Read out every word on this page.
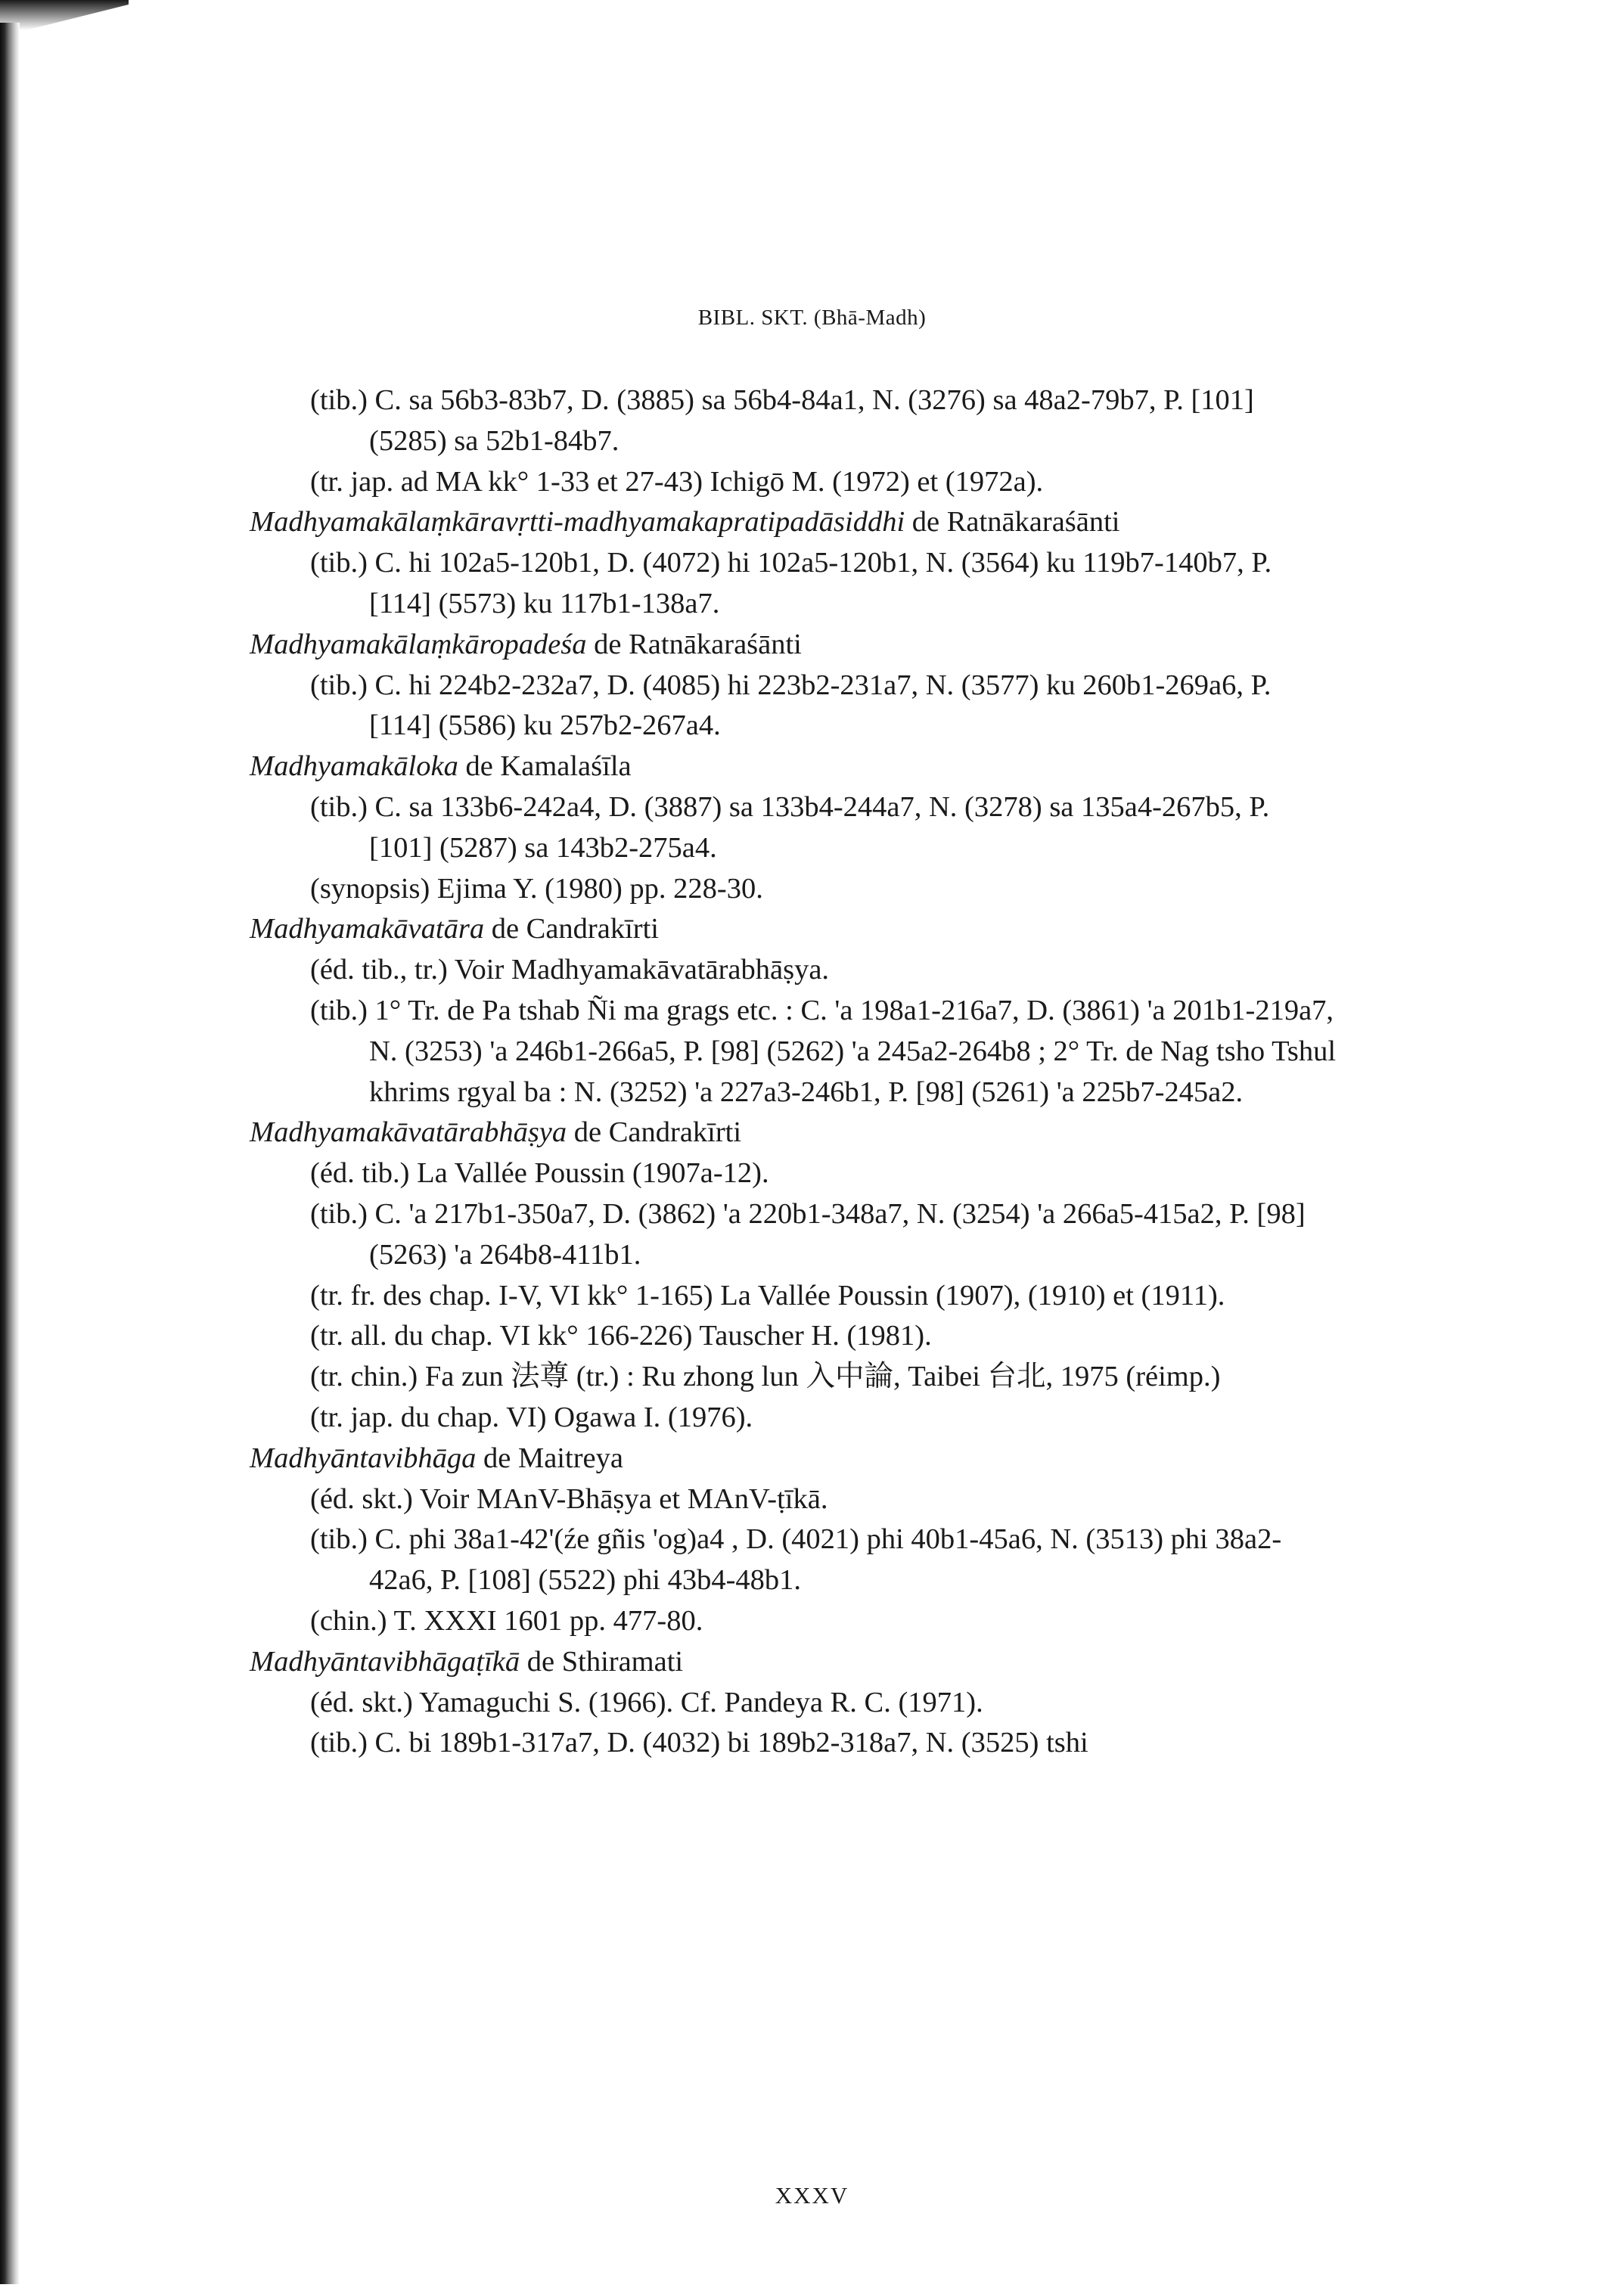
BIBL. SKT. (Bhā-Madh)
(tib.) C. sa 56b3-83b7, D. (3885) sa 56b4-84a1, N. (3276) sa 48a2-79b7, P. [101] (5285) sa 52b1-84b7.
(tr. jap. ad MA kk° 1-33 et 27-43) Ichigō M. (1972) et (1972a).
Madhyamakālaṃkāravṛtti-madhyamakapratipadāsiddhi de Ratnākaraśānti
(tib.) C. hi 102a5-120b1, D. (4072) hi 102a5-120b1, N. (3564) ku 119b7-140b7, P. [114] (5573) ku 117b1-138a7.
Madhyamakālaṃkāropadeśa de Ratnākaraśānti
(tib.) C. hi 224b2-232a7, D. (4085) hi 223b2-231a7, N. (3577) ku 260b1-269a6, P. [114] (5586) ku 257b2-267a4.
Madhyamakāloka de Kamalaśīla
(tib.) C. sa 133b6-242a4, D. (3887) sa 133b4-244a7, N. (3278) sa 135a4-267b5, P. [101] (5287) sa 143b2-275a4.
(synopsis) Ejima Y. (1980) pp. 228-30.
Madhyamakāvatāra de Candrakīrti
(éd. tib., tr.) Voir Madhyamakāvatārabhāṣya.
(tib.) 1° Tr. de Pa tshab Ñi ma grags etc. : C. 'a 198a1-216a7, D. (3861) 'a 201b1-219a7, N. (3253) 'a 246b1-266a5, P. [98] (5262) 'a 245a2-264b8 ; 2° Tr. de Nag tsho Tshul khrims rgyal ba : N. (3252) 'a 227a3-246b1, P. [98] (5261) 'a 225b7-245a2.
Madhyamakāvatārabhāṣya de Candrakīrti
(éd. tib.) La Vallée Poussin (1907a-12).
(tib.) C. 'a 217b1-350a7, D. (3862) 'a 220b1-348a7, N. (3254) 'a 266a5-415a2, P. [98] (5263) 'a 264b8-411b1.
(tr. fr. des chap. I-V, VI kk° 1-165) La Vallée Poussin (1907), (1910) et (1911).
(tr. all. du chap. VI kk° 166-226) Tauscher H. (1981).
(tr. chin.) Fa zun 法尊 (tr.) : Ru zhong lun 入中論, Taibei 台北, 1975 (réimp.)
(tr. jap. du chap. VI) Ogawa I. (1976).
Madhyāntavibhāga de Maitreya
(éd. skt.) Voir MAnV-Bhāṣya et MAnV-ṭīkā.
(tib.) C. phi 38a1-42'(źe gñis 'og)a4 , D. (4021) phi 40b1-45a6, N. (3513) phi 38a2-42a6, P. [108] (5522) phi 43b4-48b1.
(chin.) T. XXXI 1601 pp. 477-80.
Madhyāntavibhāgaṭīkā de Sthiramati
(éd. skt.) Yamaguchi S. (1966). Cf. Pandeya R. C. (1971).
(tib.) C. bi 189b1-317a7, D. (4032) bi 189b2-318a7, N. (3525) tshi
XXXV
